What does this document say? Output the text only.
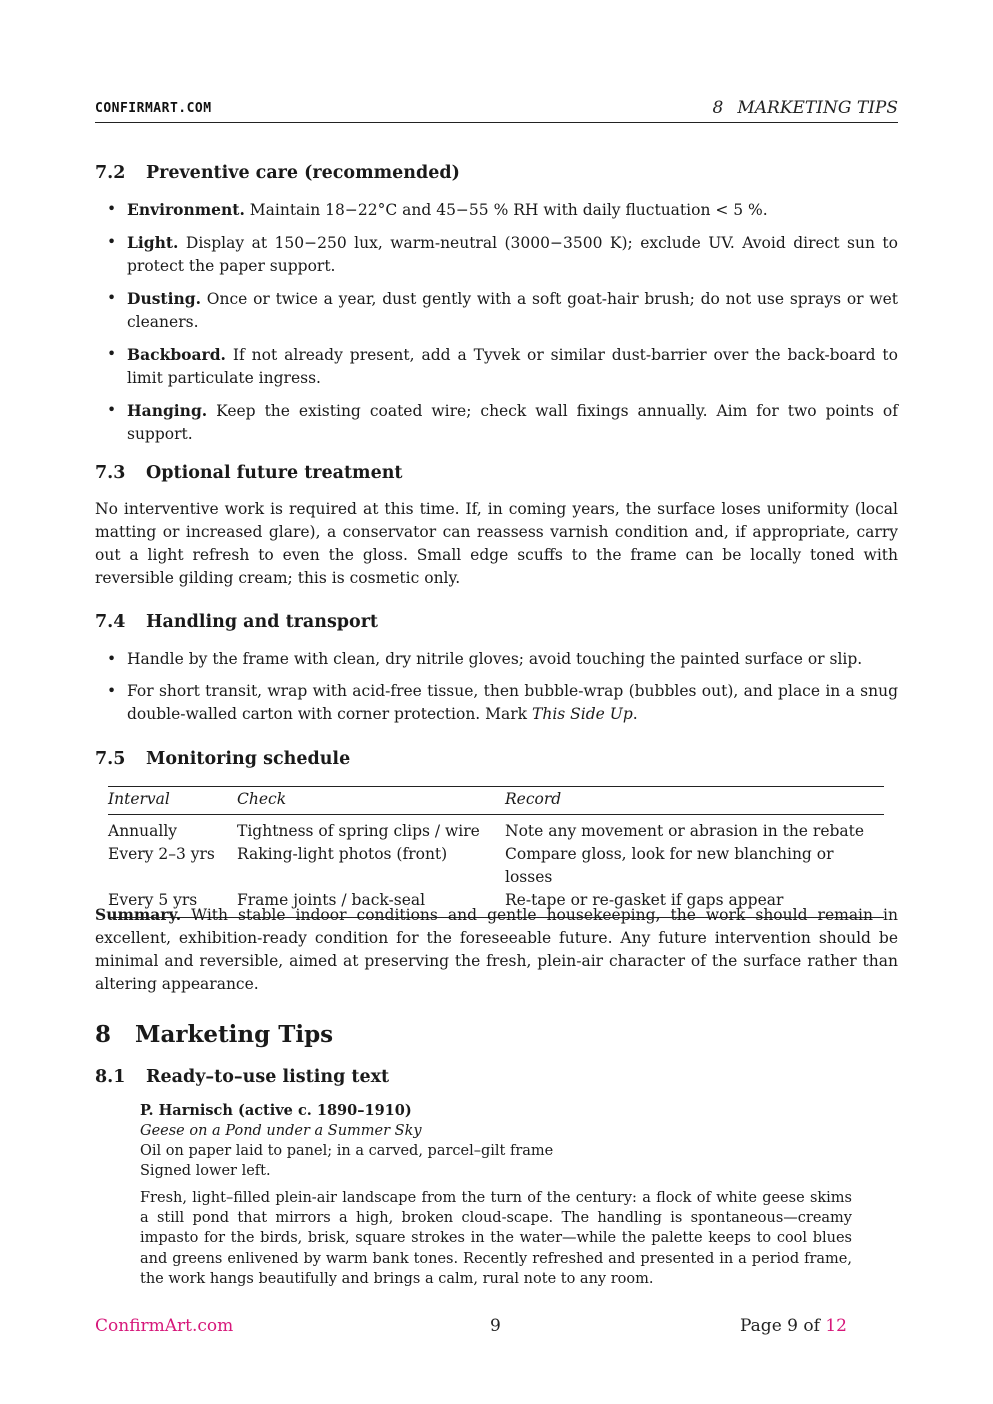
CONFIRMART.COM	8 MARKETING TIPS
7.2 Preventive care (recommended)
• Environment. Maintain 18−22°C and 45−55 % RH with daily fluctuation < 5 %.
• Light. Display at 150−250 lux, warm-neutral (3000−3500 K); exclude UV. Avoid direct sun to protect the paper support.
• Dusting. Once or twice a year, dust gently with a soft goat-hair brush; do not use sprays or wet cleaners.
• Backboard. If not already present, add a Tyvek or similar dust-barrier over the back-board to limit particulate ingress.
• Hanging. Keep the existing coated wire; check wall fixings annually. Aim for two points of support.
7.3 Optional future treatment
No interventive work is required at this time. If, in coming years, the surface loses uniformity (local matting or increased glare), a conservator can reassess varnish condition and, if appropriate, carry out a light refresh to even the gloss. Small edge scuffs to the frame can be locally toned with reversible gilding cream; this is cosmetic only.
7.4 Handling and transport
• Handle by the frame with clean, dry nitrile gloves; avoid touching the painted surface or slip.
• For short transit, wrap with acid-free tissue, then bubble-wrap (bubbles out), and place in a snug double-walled carton with corner protection. Mark This Side Up.
7.5 Monitoring schedule
Interval	Check	Record
Annually	Tightness of spring clips / wire	Note any movement or abrasion in the rebate
Every 2–3 yrs	Raking-light photos (front)	Compare gloss, look for new blanching or losses
Every 5 yrs	Frame joints / back-seal	Re-tape or re-gasket if gaps appear
Summary. With stable indoor conditions and gentle housekeeping, the work should remain in excellent, exhibition-ready condition for the foreseeable future. Any future intervention should be minimal and reversible, aimed at preserving the fresh, plein-air character of the surface rather than altering appearance.
8 Marketing Tips
8.1 Ready–to–use listing text
P. Harnisch (active c. 1890–1910)
Geese on a Pond under a Summer Sky
Oil on paper laid to panel; in a carved, parcel–gilt frame
Signed lower left.
Fresh, light–filled plein-air landscape from the turn of the century: a flock of white geese skims a still pond that mirrors a high, broken cloud-scape. The handling is spontaneous—creamy impasto for the birds, brisk, square strokes in the water—while the palette keeps to cool blues and greens enlivened by warm bank tones. Recently refreshed and presented in a period frame, the work hangs beautifully and brings a calm, rural note to any room.
ConfirmArt.com	9	Page 9 of 12
